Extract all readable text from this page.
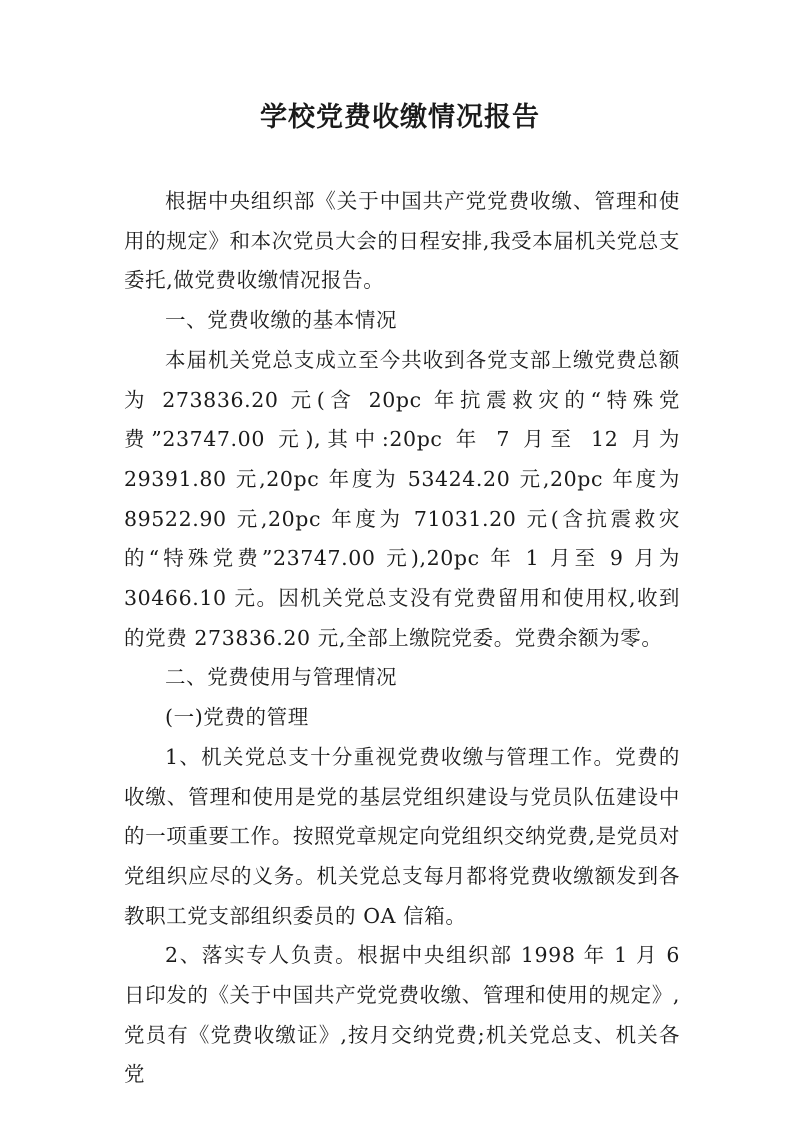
学校党费收缴情况报告

根据中央组织部《关于中国共产党党费收缴、管理和使用的规定》和本次党员大会的日程安排,我受本届机关党总支委托,做党费收缴情况报告。

一、党费收缴的基本情况

本届机关党总支成立至今共收到各党支部上缴党费总额为 273836.20 元(含 20pc 年抗震救灾的“特殊党费”23747.00 元),其中:20pc 年 7 月至 12 月为 29391.80 元,20pc 年度为 53424.20 元,20pc 年度为 89522.90 元,20pc 年度为 71031.20 元(含抗震救灾的“特殊党费”23747.00 元),20pc 年 1 月至 9 月为 30466.10 元。因机关党总支没有党费留用和使用权,收到的党费 273836.20 元,全部上缴院党委。党费余额为零。

二、党费使用与管理情况

(一)党费的管理

1、机关党总支十分重视党费收缴与管理工作。党费的收缴、管理和使用是党的基层党组织建设与党员队伍建设中的一项重要工作。按照党章规定向党组织交纳党费,是党员对党组织应尽的义务。机关党总支每月都将党费收缴额发到各教职工党支部组织委员的 OA 信箱。

2、落实专人负责。根据中央组织部 1998 年 1 月 6 日印发的《关于中国共产党党费收缴、管理和使用的规定》,党员有《党费收缴证》,按月交纳党费;机关党总支、机关各党
